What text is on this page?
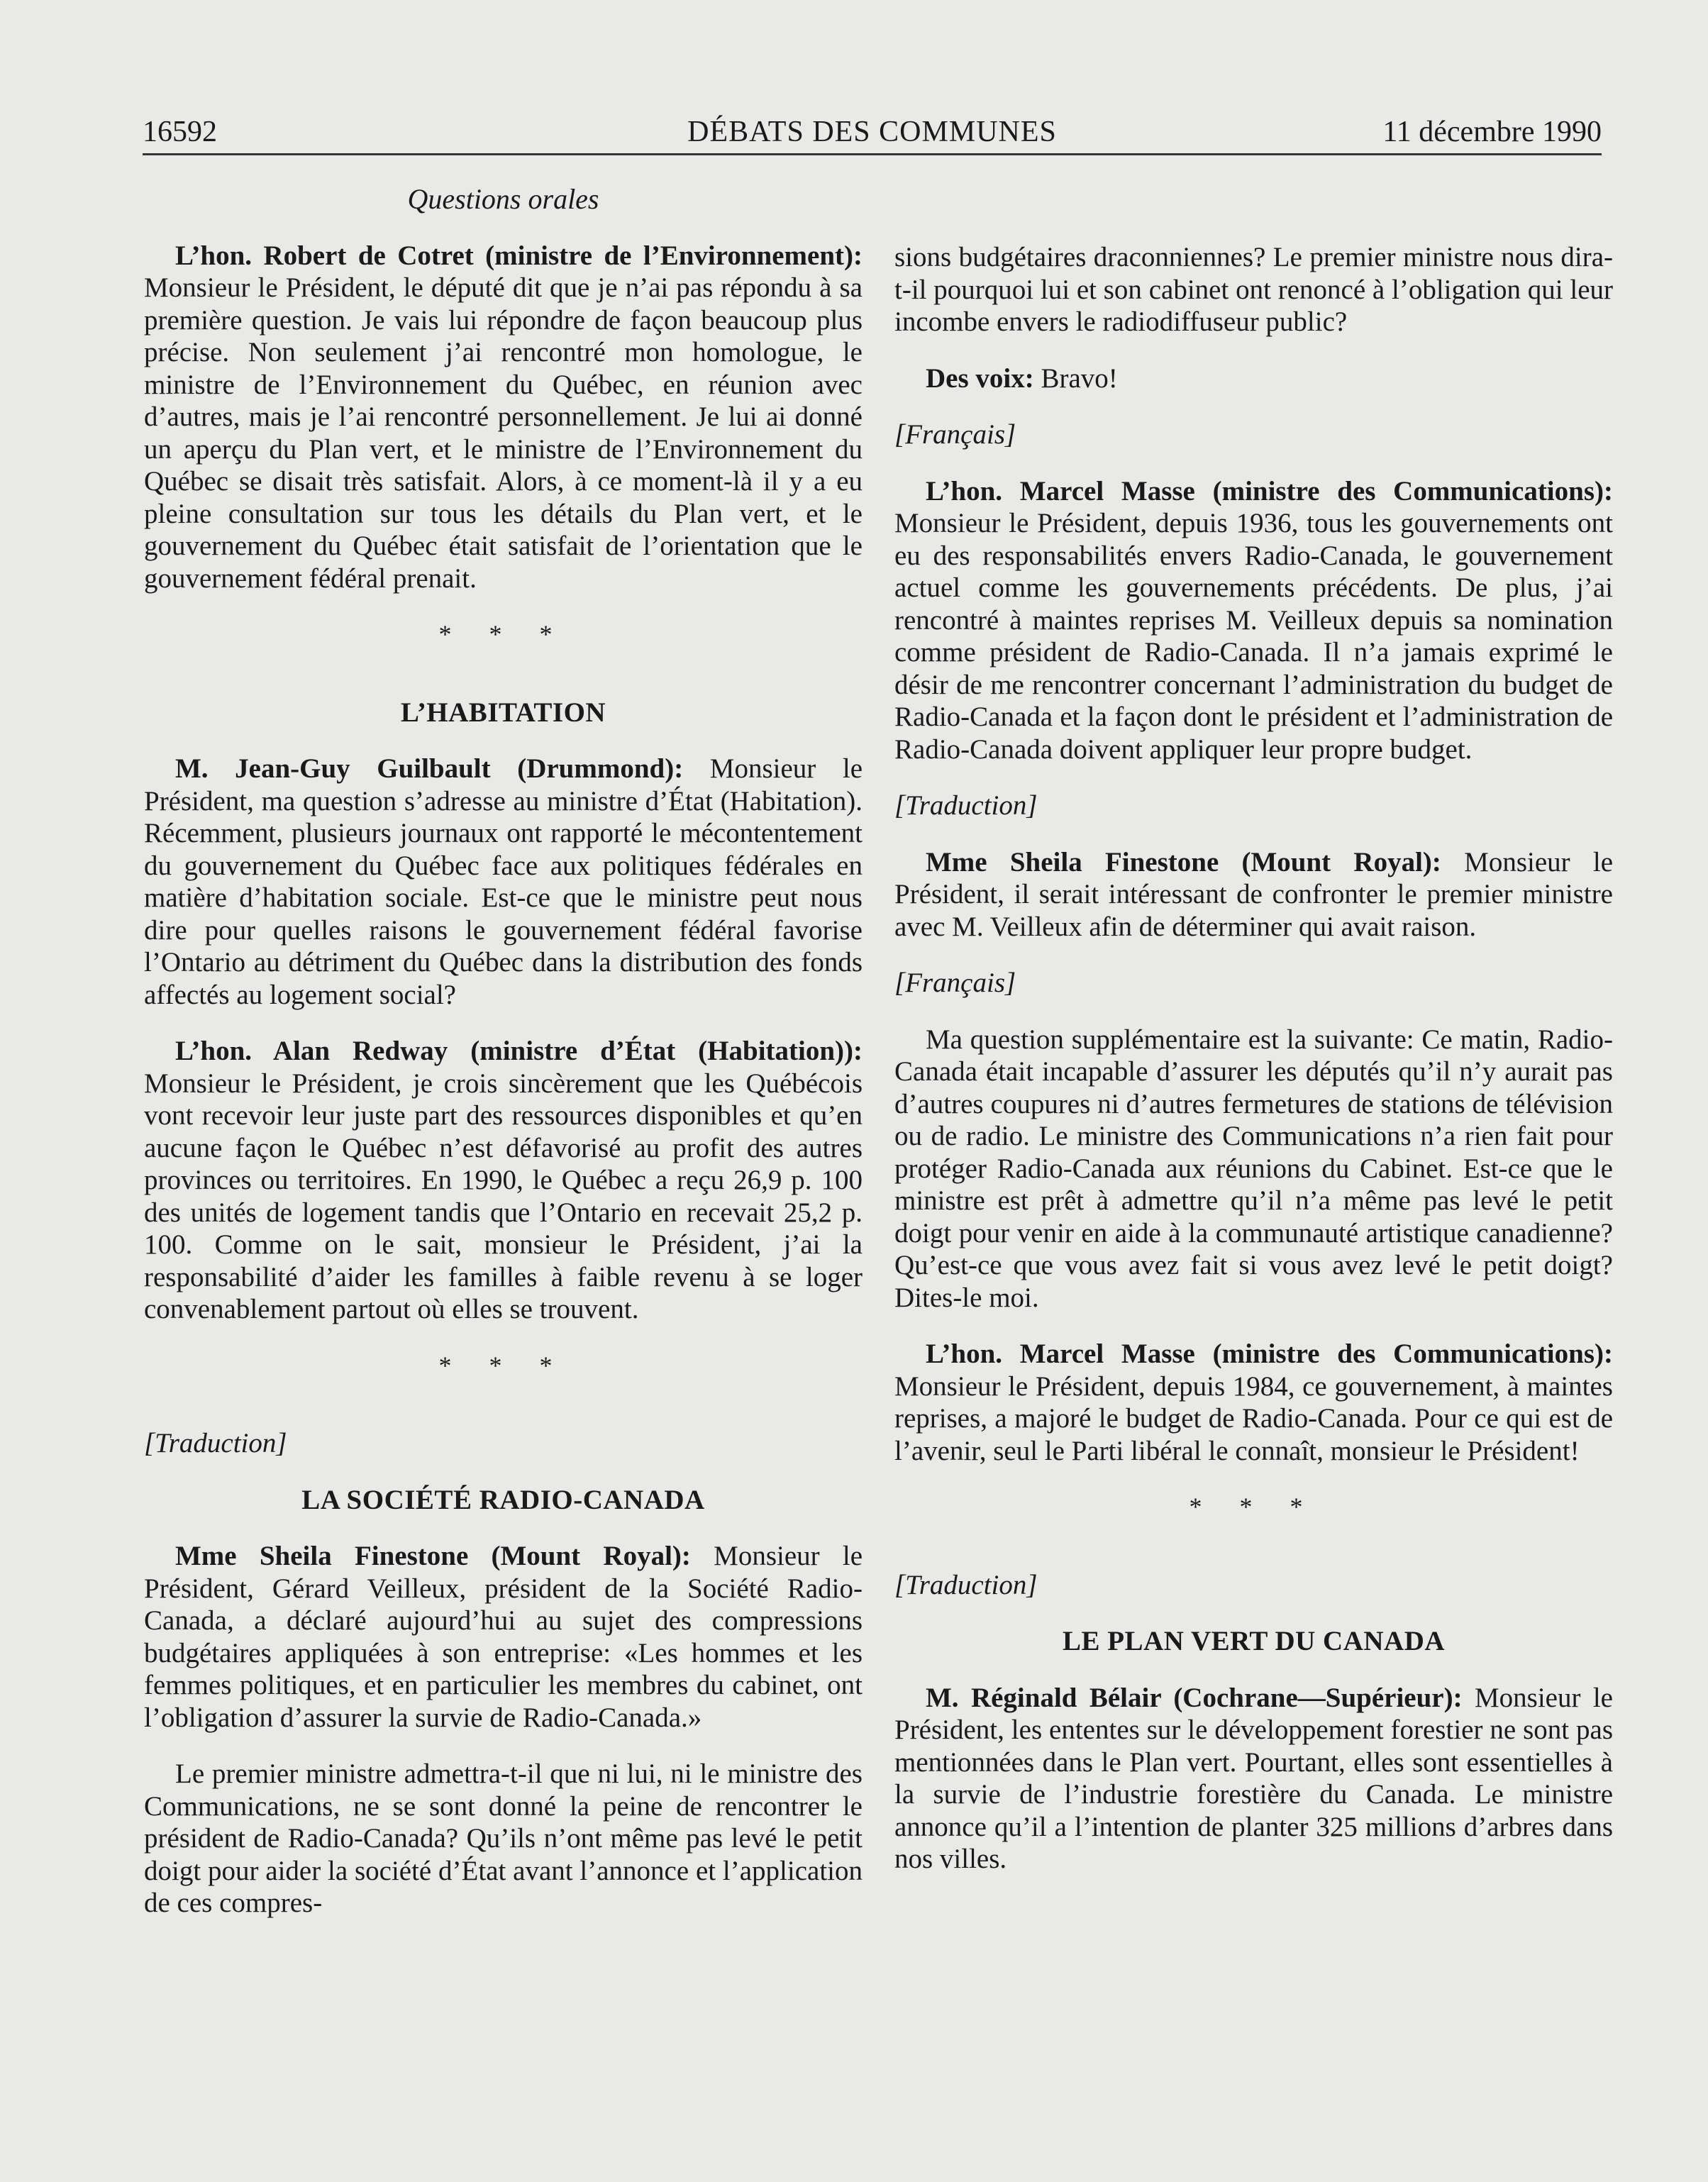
16592	DÉBATS DES COMMUNES	11 décembre 1990
Questions orales

L’hon. Robert de Cotret (ministre de l’Environnement): Monsieur le Président, le député dit que je n’ai pas répondu à sa première question. Je vais lui répondre de façon beaucoup plus précise. Non seulement j’ai rencontré mon homologue, le ministre de l’Environnement du Québec, en réunion avec d’autres, mais je l’ai rencontré personnellement. Je lui ai donné un aperçu du Plan vert, et le ministre de l’Environnement du Québec se disait très satisfait. Alors, à ce moment-là il y a eu pleine consultation sur tous les détails du Plan vert, et le gouvernement du Québec était satisfait de l’orientation que le gouvernement fédéral prenait.

* * *
L’HABITATION

M. Jean-Guy Guilbault (Drummond): Monsieur le Président, ma question s’adresse au ministre d’État (Habitation). Récemment, plusieurs journaux ont rapporté le mécontentement du gouvernement du Québec face aux politiques fédérales en matière d’habitation sociale. Est-ce que le ministre peut nous dire pour quelles raisons le gouvernement fédéral favorise l’Ontario au détriment du Québec dans la distribution des fonds affectés au logement social?

L’hon. Alan Redway (ministre d’État (Habitation)): Monsieur le Président, je crois sincèrement que les Québécois vont recevoir leur juste part des ressources disponibles et qu’en aucune façon le Québec n’est défavorisé au profit des autres provinces ou territoires. En 1990, le Québec a reçu 26,9 p. 100 des unités de logement tandis que l’Ontario en recevait 25,2 p. 100. Comme on le sait, monsieur le Président, j’ai la responsabilité d’aider les familles à faible revenu à se loger convenablement partout où elles se trouvent.

* * *
[Traduction]
LA SOCIÉTÉ RADIO-CANADA

Mme Sheila Finestone (Mount Royal): Monsieur le Président, Gérard Veilleux, président de la Société Radio-Canada, a déclaré aujourd’hui au sujet des compressions budgétaires appliquées à son entreprise: «Les hommes et les femmes politiques, et en particulier les membres du cabinet, ont l’obligation d’assurer la survie de Radio-Canada.»

Le premier ministre admettra-t-il que ni lui, ni le ministre des Communications, ne se sont donné la peine de rencontrer le président de Radio-Canada? Qu’ils n’ont même pas levé le petit doigt pour aider la société d’État avant l’annonce et l’application de ces compres-

sions budgétaires draconniennes? Le premier ministre nous dira-t-il pourquoi lui et son cabinet ont renoncé à l’obligation qui leur incombe envers le radiodiffuseur public?

Des voix: Bravo!

[Français]

L’hon. Marcel Masse (ministre des Communications): Monsieur le Président, depuis 1936, tous les gouvernements ont eu des responsabilités envers Radio-Canada, le gouvernement actuel comme les gouvernements précédents. De plus, j’ai rencontré à maintes reprises M. Veilleux depuis sa nomination comme président de Radio-Canada. Il n’a jamais exprimé le désir de me rencontrer concernant l’administration du budget de Radio-Canada et la façon dont le président et l’administration de Radio-Canada doivent appliquer leur propre budget.

[Traduction]

Mme Sheila Finestone (Mount Royal): Monsieur le Président, il serait intéressant de confronter le premier ministre avec M. Veilleux afin de déterminer qui avait raison.

[Français]

Ma question supplémentaire est la suivante: Ce matin, Radio-Canada était incapable d’assurer les députés qu’il n’y aurait pas d’autres coupures ni d’autres fermetures de stations de télévision ou de radio. Le ministre des Communications n’a rien fait pour protéger Radio-Canada aux réunions du Cabinet. Est-ce que le ministre est prêt à admettre qu’il n’a même pas levé le petit doigt pour venir en aide à la communauté artistique canadienne? Qu’est-ce que vous avez fait si vous avez levé le petit doigt? Dites-le moi.

L’hon. Marcel Masse (ministre des Communications): Monsieur le Président, depuis 1984, ce gouvernement, à maintes reprises, a majoré le budget de Radio-Canada. Pour ce qui est de l’avenir, seul le Parti libéral le connaît, monsieur le Président!

* * *
[Traduction]
LE PLAN VERT DU CANADA

M. Réginald Bélair (Cochrane—Supérieur): Monsieur le Président, les ententes sur le développement forestier ne sont pas mentionnées dans le Plan vert. Pourtant, elles sont essentielles à la survie de l’industrie forestière du Canada. Le ministre annonce qu’il a l’intention de planter 325 millions d’arbres dans nos villes.
